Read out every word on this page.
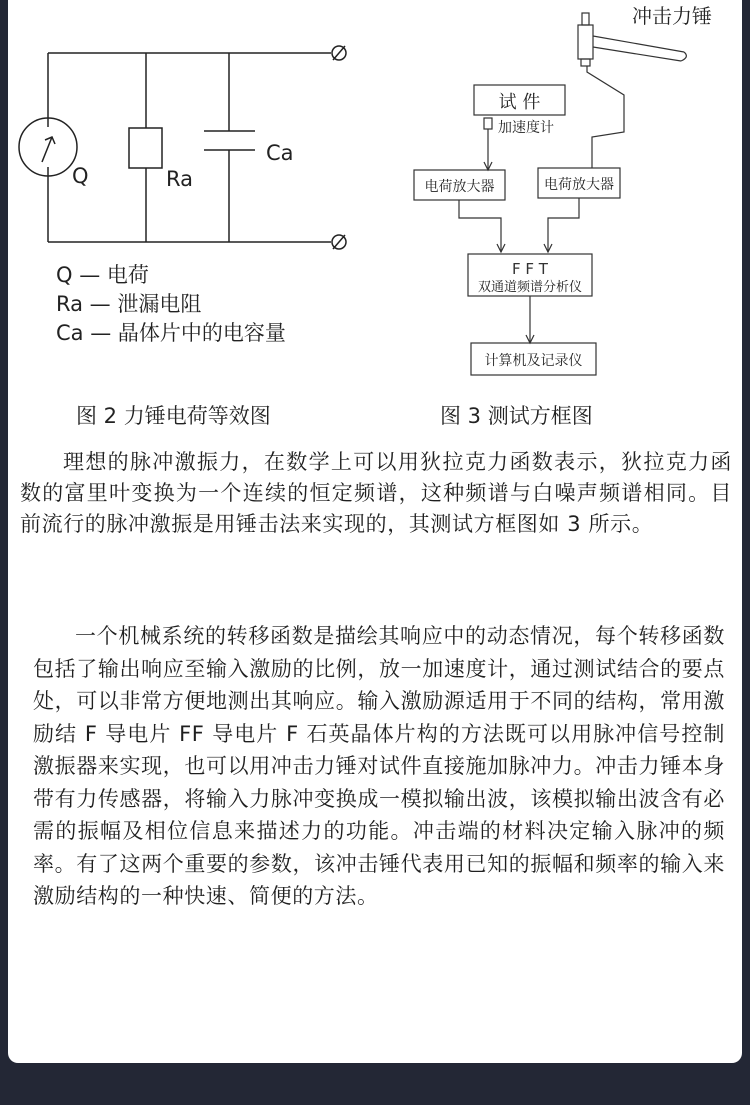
Q	Ra
Ca
冲击力锤
试 件
加速度计
电荷放大器	电荷放大器
F F T
双通道频谱分析仪
计算机及记录仪
Q — 电荷
Ra — 泄漏电阻
Ca — 晶体片中的电容量
图 2 力锤电荷等效图	图 3 测试方框图

理想的脉冲激振力，在数学上可以用狄拉克力函数表示，狄拉克力函数的富里叶变换为一个连续的恒定频谱，这种频谱与白噪声频谱相同。目前流行的脉冲激振是用锤击法来实现的，其测试方框图如 3 所示。

一个机械系统的转移函数是描绘其响应中的动态情况，每个转移函数包括了输出响应至输入激励的比例，放一加速度计，通过测试结合的要点处，可以非常方便地测出其响应。输入激励源适用于不同的结构，常用激励结 F 导电片 FF 导电片 F 石英晶体片构的方法既可以用脉冲信号控制激振器来实现，也可以用冲击力锤对试件直接施加脉冲力。冲击力锤本身带有力传感器，将输入力脉冲变换成一模拟输出波，该模拟输出波含有必需的振幅及相位信息来描述力的功能。冲击端的材料决定输入脉冲的频率。有了这两个重要的参数，该冲击锤代表用已知的振幅和频率的输入来激励结构的一种快速、简便的方法。
